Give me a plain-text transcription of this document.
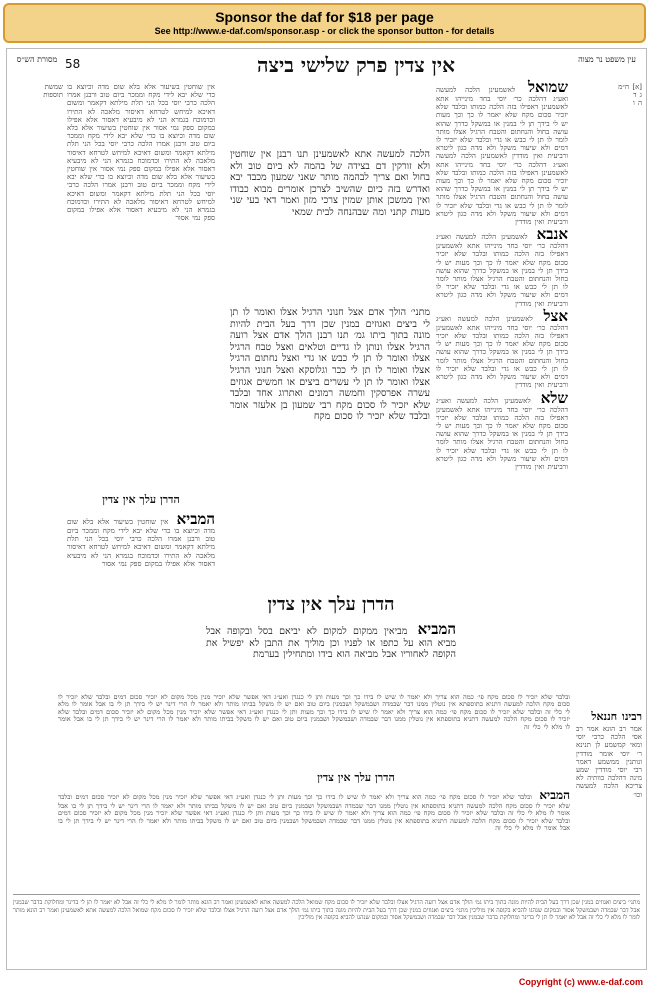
Sponsor the daf for $18 per page
See http://www.e-daf.com/sponsor.asp - or click the sponsor button - for details
58	אין צדין פרק שלישי ביצה	עין משפט נר מצוה
מסורת הש״ס
[א] ח״מ
ג ד
ה ו
שמואל לאשמעינן הלכה למעשה ואע״ג דהלכה כר׳ יוסי בחד מינייהו אתא לאשמעינן דאפילו בזה הלכה כמותו ובלבד שלא יזכיר סכום מקח שלא יאמר לו כך וכך מעות יש לי בידך תן לי במנין או במשקל כדרך שהוא עושה בחול והנחתום והטבח הרגיל אצלו מותר לומר לו תן לי כבש או גדי ובלבד שלא יזכיר לו דמים ולא שיעור משקל ולא מדה כגון ליטרא ורביעית ואין מודדין לאשמעינן הלכה למעשה ואע״ג דהלכה כר׳ יוסי בחד מינייהו אתא לאשמעינן דאפילו בזה הלכה כמותו ובלבד שלא יזכיר סכום מקח שלא יאמר לו כך וכך מעות יש לי בידך תן לי במנין או במשקל כדרך שהוא עושה בחול והנחתום והטבח הרגיל אצלו מותר לומר לו תן לי כבש או גדי ובלבד שלא יזכיר לו דמים ולא שיעור משקל ולא מדה כגון ליטרא ורביעית ואין מודדין
אנבא לאשמעינן הלכה למעשה ואע״ג דהלכה כר׳ יוסי בחד מינייהו אתא לאשמעינן דאפילו בזה הלכה כמותו ובלבד שלא יזכיר סכום מקח שלא יאמר לו כך וכך מעות יש לי בידך תן לי במנין או במשקל כדרך שהוא עושה בחול והנחתום והטבח הרגיל אצלו מותר לומר לו תן לי כבש או גדי ובלבד שלא יזכיר לו דמים ולא שיעור משקל ולא מדה כגון ליטרא ורביעית ואין מודדין
אצל לאשמעינן הלכה למעשה ואע״ג דהלכה כר׳ יוסי בחד מינייהו אתא לאשמעינן דאפילו בזה הלכה כמותו ובלבד שלא יזכיר סכום מקח שלא יאמר לו כך וכך מעות יש לי בידך תן לי במנין או במשקל כדרך שהוא עושה בחול והנחתום והטבח הרגיל אצלו מותר לומר לו תן לי כבש או גדי ובלבד שלא יזכיר לו דמים ולא שיעור משקל ולא מדה כגון ליטרא ורביעית ואין מודדין
שלא לאשמעינן הלכה למעשה ואע״ג דהלכה כר׳ יוסי בחד מינייהו אתא לאשמעינן דאפילו בזה הלכה כמותו ובלבד שלא יזכיר סכום מקח שלא יאמר לו כך וכך מעות יש לי בידך תן לי במנין או במשקל כדרך שהוא עושה בחול והנחתום והטבח הרגיל אצלו מותר לומר לו תן לי כבש או גדי ובלבד שלא יזכיר לו דמים ולא שיעור משקל ולא מדה כגון ליטרא ורביעית ואין מודדין
הלכה למעשה אתא לאשמעינן תנו רבנן אין שוחטין ולא זורקין דם בצידה של בהמה לא ביום טוב ולא בחול ואם צריך לבהמה מותר שאני שמעון מכבד יבא ואדרש בזה כיום שהשיב לצרכן אומרים מבוא כבודו ואין ממשכן אותן שמזין צרכי מזון ואמר דאי בעי שני מעות קתני ומה שבהנחה לבית שמאי
מתני׳ הולך אדם אצל חנוני הרגיל אצלו ואומר לו תן לי ביצים ואגוזים במנין שכן דרך בעל הבית להיות מונה בתוך ביתו גמ׳ תנו רבנן הולך אדם אצל רועה הרגיל אצלו ונותן לו גדיים וטלאים ואצל טבח הרגיל אצלו ואומר לו תן לי כבש או גדי ואצל נחתום הרגיל אצלו ואומר לו תן לי ככר וגלוסקא ואצל חנוני הרגיל אצלו ואומר לו תן לי עשרים ביצים או חמשים אגוזים עשרה אפרסקין וחמשה רמונים ואתרוג אחד ובלבד שלא יזכיר לו סכום מקח רבי שמעון בן אלעזר אומר ובלבד שלא יזכיר לו סכום מקח
הדרן עלך אין צדין
המביא מביאין ממקום למקום לא יביאם בסל ובקופה אבל מביא הוא על כתפו או לפניו וכן מוליך את התבן לא יפשיל את הקופה לאחוריו אבל מביאה הוא בידו ומתחילין בערמת
אין שוחטין בשיעור אלא בלא שום מדה וכיוצא בו כדי שלא יבא לידי מקח וממכר ביום טוב ורבנן אמרו הלכה כרבי יוסי בכל הני תלת מילתא דקאמר ומשום דאיכא למיחש לטרחא דאיסור מלאכה לא התירו וכדמוכח בגמרא הני לא מיבעיא דאסור אלא אפילו במקום ספק נמי אסור אין שוחטין בשיעור אלא בלא שום מדה וכיוצא בו כדי שלא יבא לידי מקח וממכר ביום טוב ורבנן אמרו הלכה כרבי יוסי בכל הני תלת מילתא דקאמר ומשום דאיכא למיחש לטרחא דאיסור מלאכה לא התירו וכדמוכח בגמרא הני לא מיבעיא דאסור אלא אפילו במקום ספק נמי אסור אין שוחטין בשיעור אלא בלא שום מדה וכיוצא בו כדי שלא יבא לידי מקח וממכר ביום טוב ורבנן אמרו הלכה כרבי יוסי בכל הני תלת מילתא דקאמר ומשום דאיכא למיחש לטרחא דאיסור מלאכה לא התירו וכדמוכח בגמרא הני לא מיבעיא דאסור אלא אפילו במקום ספק נמי אסור
הדרן עלך אין צדין
המביא אין שוחטין בשיעור אלא בלא שום מדה וכיוצא בו כדי שלא יבא לידי מקח וממכר ביום טוב ורבנן אמרו הלכה כרבי יוסי בכל הני תלת מילתא דקאמר ומשום דאיכא למיחש לטרחא דאיסור מלאכה לא התירו וכדמוכח בגמרא הני לא מיבעיא דאסור אלא אפילו במקום ספק נמי אסור
שמשת
תוספות
רבינו חננאל אמר רב הונא אמר רב אסי הלכה כרבי יוסי ומאי קמשמע לן תנינא ר׳ יוסי אומר מודדין ונותנין ממשמע דאמר רבי יוסי מודדין שמע מינה דהלכה כוותיה לא צריכא הלכה למעשה וכו׳
ובלבד שלא יזכיר לו סכום מקח פי׳ כמה הוא צריך ולא יאמר לו שיש לו בידו כך וכך מעות ותן לי כנגדן ואע״ג דאי אפשר שלא יזכיר מנין מכל מקום לא יזכיר סכום דמים ובלבד שלא יזכיר לו סכום מקח הלכה למעשה דתניא בתוספתא אין נוטלין ממנו דבר שבמדה ושבמשקל ושבמנין ביום טוב ואם יש לו משקל בביתו מותר ולא יאמר לו הרי דינר יש לי בידך תן לי בו אבל אומר לו מלא לי כלי זה ובלבד שלא יזכיר לו סכום מקח פי׳ כמה הוא צריך ולא יאמר לו שיש לו בידו כך וכך מעות ותן לי כנגדן ואע״ג דאי אפשר שלא יזכיר מנין מכל מקום לא יזכיר סכום דמים ובלבד שלא יזכיר לו סכום מקח הלכה למעשה דתניא בתוספתא אין נוטלין ממנו דבר שבמדה ושבמשקל ושבמנין ביום טוב ואם יש לו משקל בביתו מותר ולא יאמר לו הרי דינר יש לי בידך תן לי בו אבל אומר לו מלא לי כלי זה
הדרן עלך אין צדין
המביא ובלבד שלא יזכיר לו סכום מקח פי׳ כמה הוא צריך ולא יאמר לו שיש לו בידו כך וכך מעות ותן לי כנגדן ואע״ג דאי אפשר שלא יזכיר מנין מכל מקום לא יזכיר סכום דמים ובלבד שלא יזכיר לו סכום מקח הלכה למעשה דתניא בתוספתא אין נוטלין ממנו דבר שבמדה ושבמשקל ושבמנין ביום טוב ואם יש לו משקל בביתו מותר ולא יאמר לו הרי דינר יש לי בידך תן לי בו אבל אומר לו מלא לי כלי זה ובלבד שלא יזכיר לו סכום מקח פי׳ כמה הוא צריך ולא יאמר לו שיש לו בידו כך וכך מעות ותן לי כנגדן ואע״ג דאי אפשר שלא יזכיר מנין מכל מקום לא יזכיר סכום דמים ובלבד שלא יזכיר לו סכום מקח הלכה למעשה דתניא בתוספתא אין נוטלין ממנו דבר שבמדה ושבמשקל ושבמנין ביום טוב ואם יש לו משקל בביתו מותר ולא יאמר לו הרי דינר יש לי בידך תן לי בו אבל אומר לו מלא לי כלי זה
מתני׳ ביצים ואגוזים במנין שכן דרך בעל הבית להיות מונה בתוך ביתו גמ׳ הולך אדם אצל רועה הרגיל אצלו ובלבד שלא יזכיר לו סכום מקח שמואל הלכה למעשה אתא לאשמעינן ואמר רב הונא מותר לומר לו מלא לי כלי זה אבל לא יאמר לו תן לי בדינר ומחלוקת בדבר שבמנין אבל דבר שבמדה ושבמשקל אסור ובמקום שנהגו להביא בקופה אין מוליכין מתני׳ ביצים ואגוזים במנין שכן דרך בעל הבית להיות מונה בתוך ביתו גמ׳ הולך אדם אצל רועה הרגיל אצלו ובלבד שלא יזכיר לו סכום מקח שמואל הלכה למעשה אתא לאשמעינן ואמר רב הונא מותר לומר לו מלא לי כלי זה אבל לא יאמר לו תן לי בדינר ומחלוקת בדבר שבמנין אבל דבר שבמדה ושבמשקל אסור ובמקום שנהגו להביא בקופה אין מוליכין
Copyright (c) www.e-daf.com
